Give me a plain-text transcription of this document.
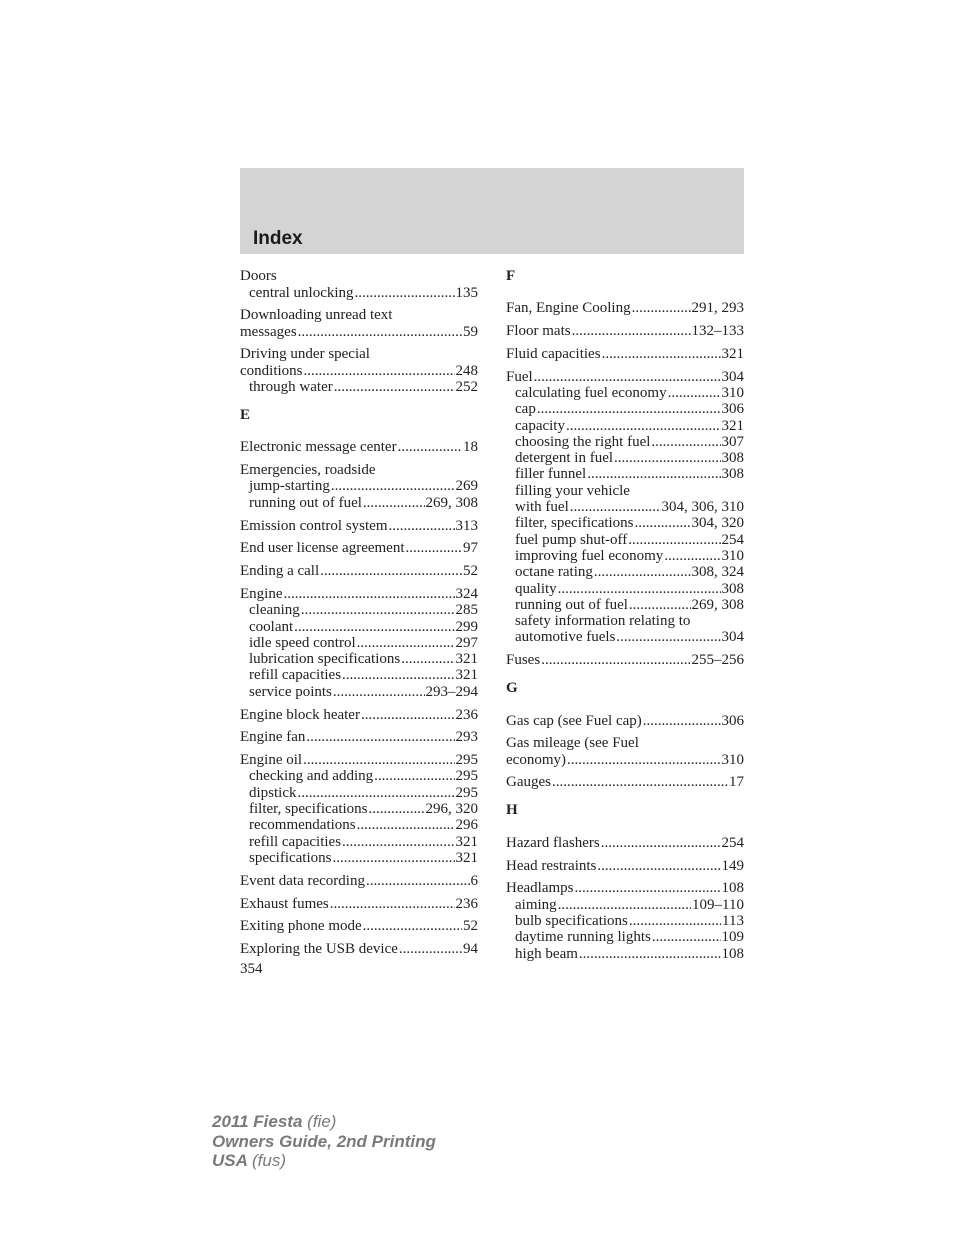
Index
Doors
central unlocking .....	135
Downloading unread text
messages .....	59
Driving under special
conditions .....	248
through water .....	252
E
Electronic message center .....	18
Emergencies, roadside
jump-starting .....	269
running out of fuel .....	269, 308
Emission control system .....	313
End user license agreement .....	97
Ending a call .....	52
Engine .....	324
cleaning .....	285
coolant .....	299
idle speed control .....	297
lubrication specifications .....	321
refill capacities .....	321
service points .....	293–294
Engine block heater .....	236
Engine fan .....	293
Engine oil .....	295
checking and adding .....	295
dipstick .....	295
filter, specifications .....	296, 320
recommendations .....	296
refill capacities .....	321
specifications .....	321
Event data recording .....	6
Exhaust fumes .....	236
Exiting phone mode .....	52
Exploring the USB device .....	94
F
Fan, Engine Cooling .....	291, 293
Floor mats .....	132–133
Fluid capacities .....	321
Fuel .....	304
calculating fuel economy .....	310
cap .....	306
capacity .....	321
choosing the right fuel .....	307
detergent in fuel .....	308
filler funnel .....	308
filling your vehicle
with fuel .....	304, 306, 310
filter, specifications .....	304, 320
fuel pump shut-off .....	254
improving fuel economy .....	310
octane rating .....	308, 324
quality .....	308
running out of fuel .....	269, 308
safety information relating to
automotive fuels .....	304
Fuses .....	255–256
G
Gas cap (see Fuel cap) .....	306
Gas mileage (see Fuel
economy) .....	310
Gauges .....	17
H
Hazard flashers .....	254
Head restraints .....	149
Headlamps .....	108
aiming .....	109–110
bulb specifications .....	113
daytime running lights .....	109
high beam .....	108
354
2011 Fiesta (fie)
Owners Guide, 2nd Printing
USA (fus)
